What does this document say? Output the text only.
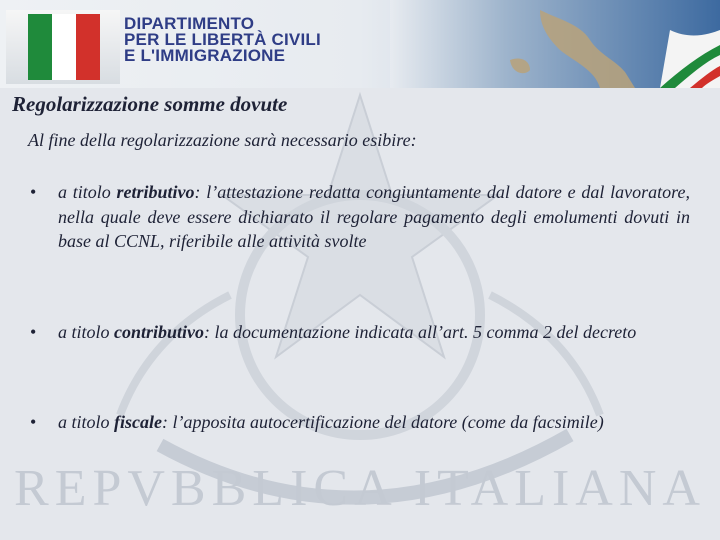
REPVBBLICA ITALIANA
DIPARTIMENTO
PER LE LIBERTÀ CIVILI
E L'IMMIGRAZIONE
Regolarizzazione somme dovute

Al fine della regolarizzazione sarà necessario esibire:

• a titolo retributivo: l’attestazione redatta congiuntamente dal datore e dal lavoratore, nella quale deve essere dichiarato il regolare pagamento degli emolumenti dovuti in base al CCNL, riferibile alle attività svolte
• a titolo contributivo: la documentazione indicata all’art. 5 comma 2 del decreto
• a titolo fiscale: l’apposita autocertificazione del datore (come da facsimile)
